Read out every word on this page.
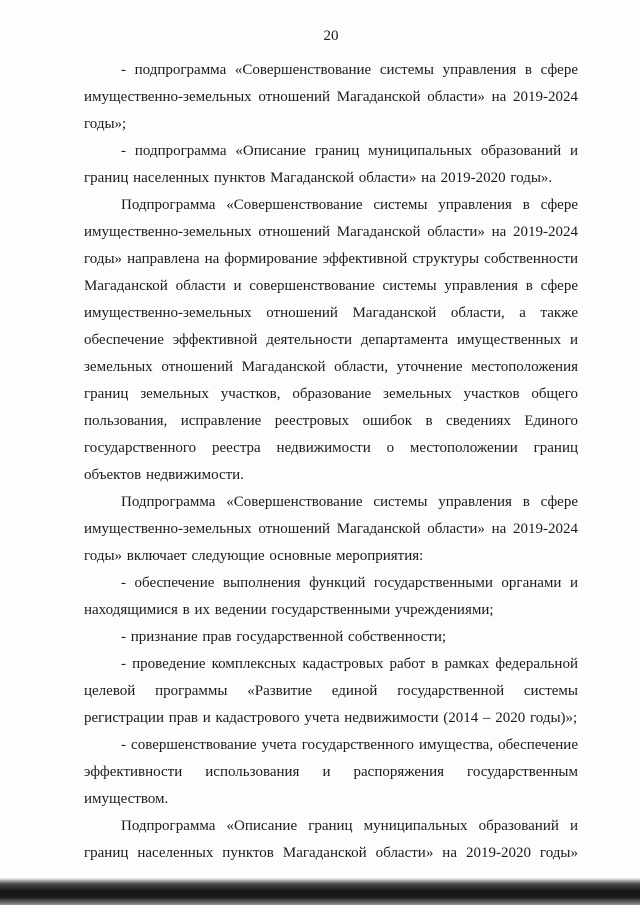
20

- подпрограмма «Совершенствование системы управления в сфере имущественно-земельных отношений Магаданской области» на 2019-2024 годы»;

- подпрограмма «Описание границ муниципальных образований и границ населенных пунктов Магаданской области» на 2019-2020 годы».

Подпрограмма «Совершенствование системы управления в сфере имущественно-земельных отношений Магаданской области» на 2019-2024 годы» направлена на формирование эффективной структуры собственности Магаданской области и совершенствование системы управления в сфере имущественно-земельных отношений Магаданской области, а также обеспечение эффективной деятельности департамента имущественных и земельных отношений Магаданской области, уточнение местоположения границ земельных участков, образование земельных участков общего пользования, исправление реестровых ошибок в сведениях Единого государственного реестра недвижимости о местоположении границ объектов недвижимости.

Подпрограмма «Совершенствование системы управления в сфере имущественно-земельных отношений Магаданской области» на 2019-2024 годы» включает следующие основные мероприятия:

- обеспечение выполнения функций государственными органами и находящимися в их ведении государственными учреждениями;

- признание прав государственной собственности;

- проведение комплексных кадастровых работ в рамках федеральной целевой программы «Развитие единой государственной системы регистрации прав и кадастрового учета недвижимости (2014 – 2020 годы)»;

- совершенствование учета государственного имущества, обеспечение эффективности использования и распоряжения государственным имуществом.

Подпрограмма «Описание границ муниципальных образований и границ населенных пунктов Магаданской области» на 2019-2020 годы»
